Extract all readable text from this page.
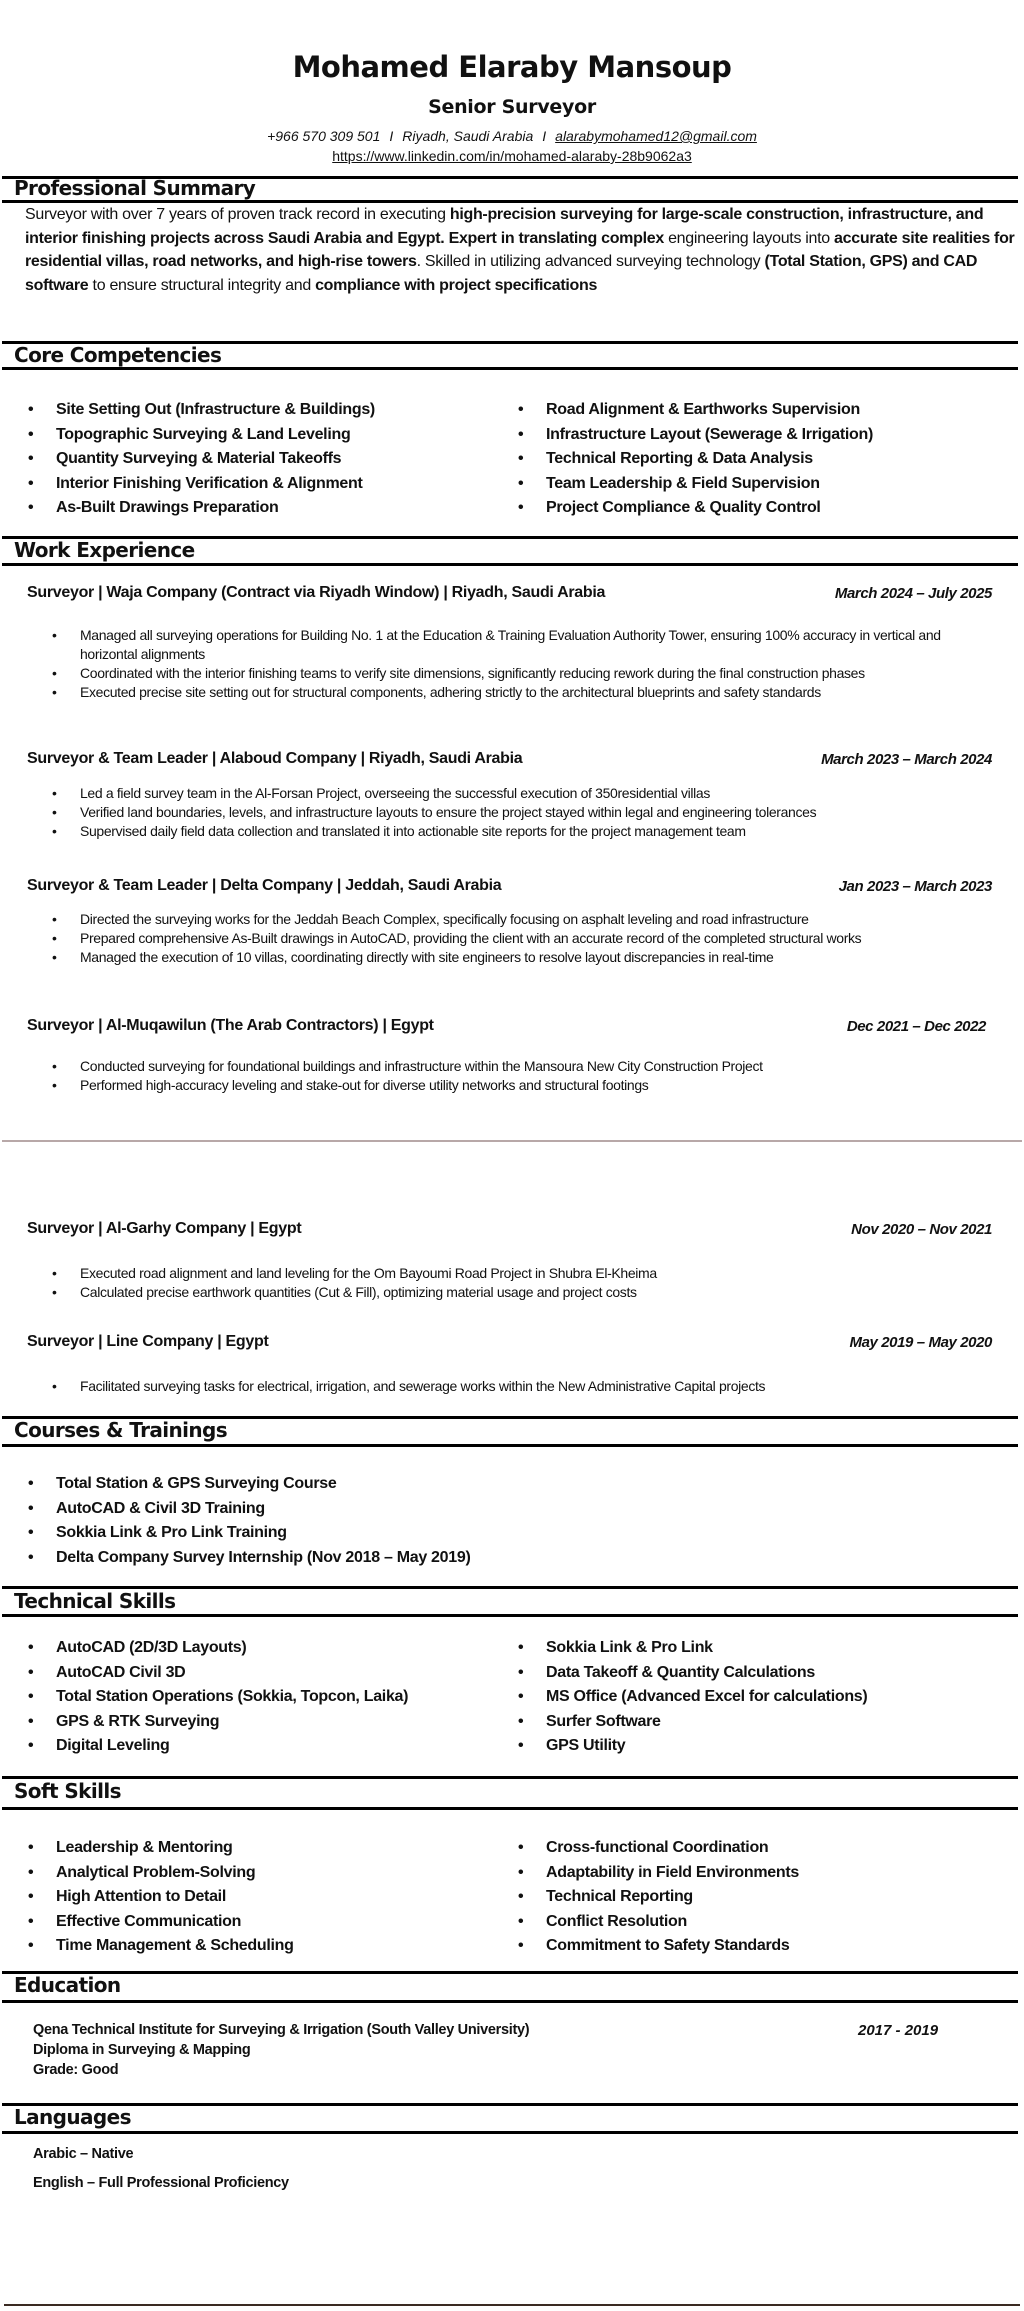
Mohamed Elaraby Mansoup
Senior Surveyor
+966 570 309 501 I Riyadh, Saudi Arabia I alarabymohamed12@gmail.com
https://www.linkedin.com/in/mohamed-alaraby-28b9062a3
Professional Summary
Surveyor with over 7 years of proven track record in executing high-precision surveying for large-scale construction, infrastructure, and interior finishing projects across Saudi Arabia and Egypt. Expert in translating complex engineering layouts into accurate site realities for residential villas, road networks, and high-rise towers. Skilled in utilizing advanced surveying technology (Total Station, GPS) and CAD software to ensure structural integrity and compliance with project specifications
Core Competencies
• Site Setting Out (Infrastructure & Buildings)
• Topographic Surveying & Land Leveling
• Quantity Surveying & Material Takeoffs
• Interior Finishing Verification & Alignment
• As-Built Drawings Preparation
• Road Alignment & Earthworks Supervision
• Infrastructure Layout (Sewerage & Irrigation)
• Technical Reporting & Data Analysis
• Team Leadership & Field Supervision
• Project Compliance & Quality Control
Work Experience
Surveyor | Waja Company (Contract via Riyadh Window) | Riyadh, Saudi Arabia	March 2024 – July 2025
• Managed all surveying operations for Building No. 1 at the Education & Training Evaluation Authority Tower, ensuring 100% accuracy in vertical and horizontal alignments
• Coordinated with the interior finishing teams to verify site dimensions, significantly reducing rework during the final construction phases
• Executed precise site setting out for structural components, adhering strictly to the architectural blueprints and safety standards
Surveyor & Team Leader | Alaboud Company | Riyadh, Saudi Arabia	March 2023 – March 2024
• Led a field survey team in the Al-Forsan Project, overseeing the successful execution of 350residential villas
• Verified land boundaries, levels, and infrastructure layouts to ensure the project stayed within legal and engineering tolerances
• Supervised daily field data collection and translated it into actionable site reports for the project management team
Surveyor & Team Leader | Delta Company | Jeddah, Saudi Arabia	Jan 2023 – March 2023
• Directed the surveying works for the Jeddah Beach Complex, specifically focusing on asphalt leveling and road infrastructure
• Prepared comprehensive As-Built drawings in AutoCAD, providing the client with an accurate record of the completed structural works
• Managed the execution of 10 villas, coordinating directly with site engineers to resolve layout discrepancies in real-time
Surveyor | Al-Muqawilun (The Arab Contractors) | Egypt	Dec 2021 – Dec 2022
• Conducted surveying for foundational buildings and infrastructure within the Mansoura New City Construction Project
• Performed high-accuracy leveling and stake-out for diverse utility networks and structural footings
Surveyor | Al-Garhy Company | Egypt	Nov 2020 – Nov 2021
• Executed road alignment and land leveling for the Om Bayoumi Road Project in Shubra El-Kheima
• Calculated precise earthwork quantities (Cut & Fill), optimizing material usage and project costs
Surveyor | Line Company | Egypt	May 2019 – May 2020
• Facilitated surveying tasks for electrical, irrigation, and sewerage works within the New Administrative Capital projects
Courses & Trainings
• Total Station & GPS Surveying Course
• AutoCAD & Civil 3D Training
• Sokkia Link & Pro Link Training
• Delta Company Survey Internship (Nov 2018 – May 2019)
Technical Skills
• AutoCAD (2D/3D Layouts)
• AutoCAD Civil 3D
• Total Station Operations (Sokkia, Topcon, Laika)
• GPS & RTK Surveying
• Digital Leveling
• Sokkia Link & Pro Link
• Data Takeoff & Quantity Calculations
• MS Office (Advanced Excel for calculations)
• Surfer Software
• GPS Utility
Soft Skills
• Leadership & Mentoring
• Analytical Problem-Solving
• High Attention to Detail
• Effective Communication
• Time Management & Scheduling
• Cross-functional Coordination
• Adaptability in Field Environments
• Technical Reporting
• Conflict Resolution
• Commitment to Safety Standards
Education
Qena Technical Institute for Surveying & Irrigation (South Valley University)	2017 - 2019
Diploma in Surveying & Mapping
Grade: Good
Languages
Arabic – Native
English – Full Professional Proficiency
